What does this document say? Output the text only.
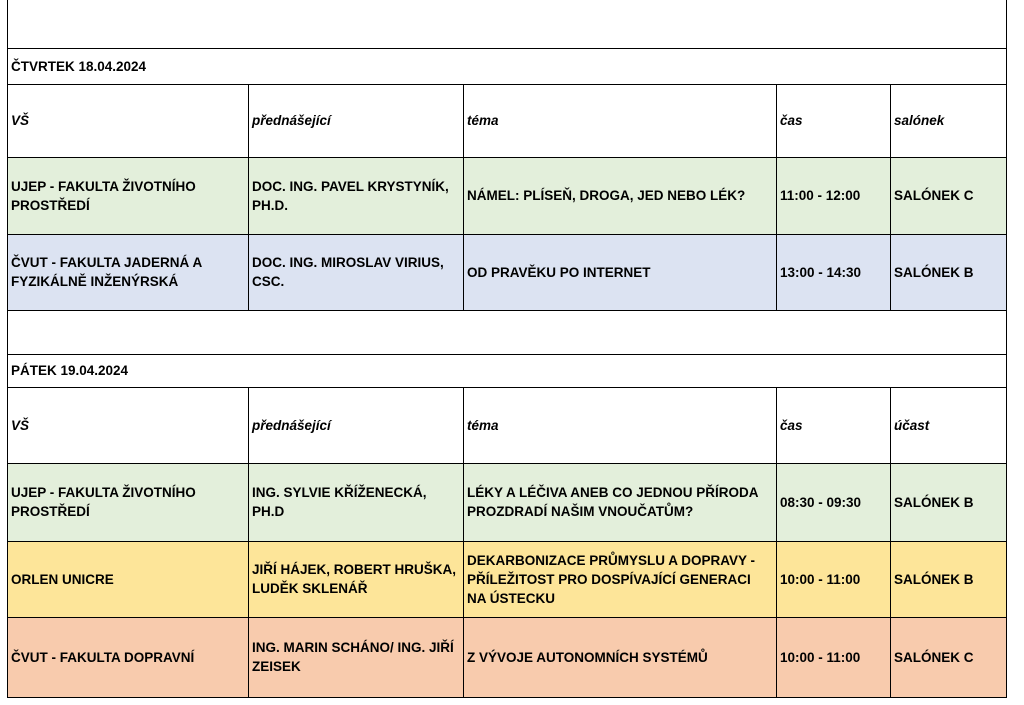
ČTVRTEK 18.04.2024				
VŠ	přednášející	téma	čas	salónek
UJEP - FAKULTA ŽIVOTNÍHO PROSTŘEDÍ	DOC. ING. PAVEL KRYSTYNÍK, PH.D.	NÁMEL: PLÍSEŇ, DROGA, JED NEBO LÉK?	11:00 - 12:00	SALÓNEK C
ČVUT - FAKULTA JADERNÁ A FYZIKÁLNĚ INŽENÝRSKÁ	DOC. ING. MIROSLAV VIRIUS, CSC.	OD PRAVĚKU PO INTERNET	13:00 - 14:30	SALÓNEK B

PÁTEK 19.04.2024				
VŠ	přednášející	téma	čas	účast
UJEP - FAKULTA ŽIVOTNÍHO PROSTŘEDÍ	ING. SYLVIE KŘÍŽENECKÁ, PH.D	LÉKY A LÉČIVA ANEB CO JEDNOU PŘÍRODA PROZDRADÍ NAŠIM VNOUČATŮM?	08:30 - 09:30	SALÓNEK B
ORLEN UNICRE	JIŘÍ HÁJEK, ROBERT HRUŠKA, LUDĚK SKLENÁŘ	DEKARBONIZACE PRŮMYSLU A DOPRAVY - PŘÍLEŽITOST PRO DOSPÍVAJÍCÍ GENERACI NA ÚSTECKU	10:00 - 11:00	SALÓNEK B
ČVUT - FAKULTA DOPRAVNÍ	ING. MARIN SCHÁNO/ ING. JIŘÍ ZEISEK	Z VÝVOJE AUTONOMNÍCH SYSTÉMŮ	10:00 - 11:00	SALÓNEK C
